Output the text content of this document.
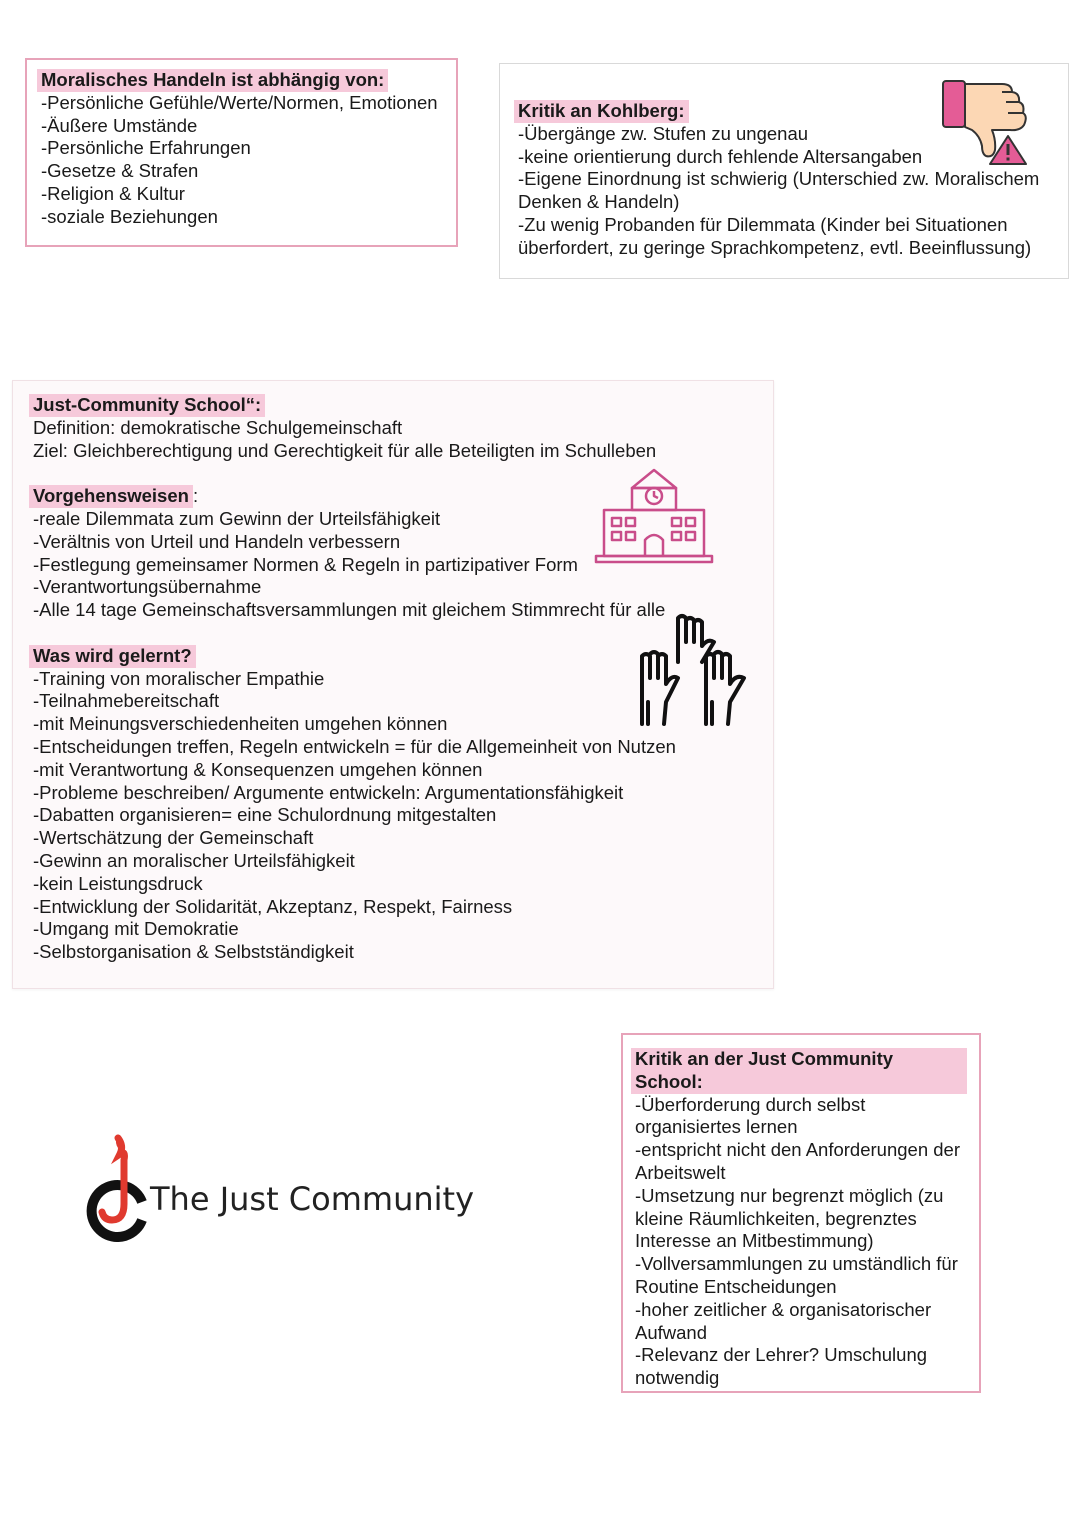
Moralisches Handeln ist abhängig von:
-Persönliche Gefühle/Werte/Normen, Emotionen
-Äußere Umstände
-Persönliche Erfahrungen
-Gesetze & Strafen
-Religion & Kultur
-soziale Beziehungen
Kritik an Kohlberg:
-Übergänge zw. Stufen zu ungenau
-keine orientierung durch fehlende Altersangaben
-Eigene Einordnung ist schwierig (Unterschied zw. Moralischem
Denken & Handeln)
-Zu wenig Probanden für Dilemmata (Kinder bei Situationen
überfordert, zu geringe Sprachkompetenz, evtl. Beeinflussung)
Just-Community School“:
Definition: demokratische Schulgemeinschaft
Ziel: Gleichberechtigung und Gerechtigkeit für alle Beteiligten im Schulleben
Vorgehensweisen :
-reale Dilemmata zum Gewinn der Urteilsfähigkeit
-Verältnis von Urteil und Handeln verbessern
-Festlegung gemeinsamer Normen & Regeln in partizipativer Form
-Verantwortungsübernahme
-Alle 14 tage Gemeinschaftsversammlungen mit gleichem Stimmrecht für alle
Was wird gelernt?
-Training von moralischer Empathie
-Teilnahmebereitschaft
-mit Meinungsverschiedenheiten umgehen können
-Entscheidungen treffen, Regeln entwickeln = für die Allgemeinheit von Nutzen
-mit Verantwortung & Konsequenzen umgehen können
-Probleme beschreiben/ Argumente entwickeln: Argumentationsfähigkeit
-Dabatten organisieren= eine Schulordnung mitgestalten
-Wertschätzung der Gemeinschaft
-Gewinn an moralischer Urteilsfähigkeit
-kein Leistungsdruck
-Entwicklung der Solidarität, Akzeptanz, Respekt, Fairness
-Umgang mit Demokratie
-Selbstorganisation & Selbstständigkeit
The Just Community
Kritik an der Just Community School:
-Überforderung durch selbst organisiertes lernen
-entspricht nicht den Anforderungen der Arbeitswelt
-Umsetzung nur begrenzt möglich (zu kleine Räumlichkeiten, begrenztes Interesse an Mitbestimmung)
-Vollversammlungen zu umständlich für Routine Entscheidungen
-hoher zeitlicher & organisatorischer Aufwand
-Relevanz der Lehrer? Umschulung notwendig
